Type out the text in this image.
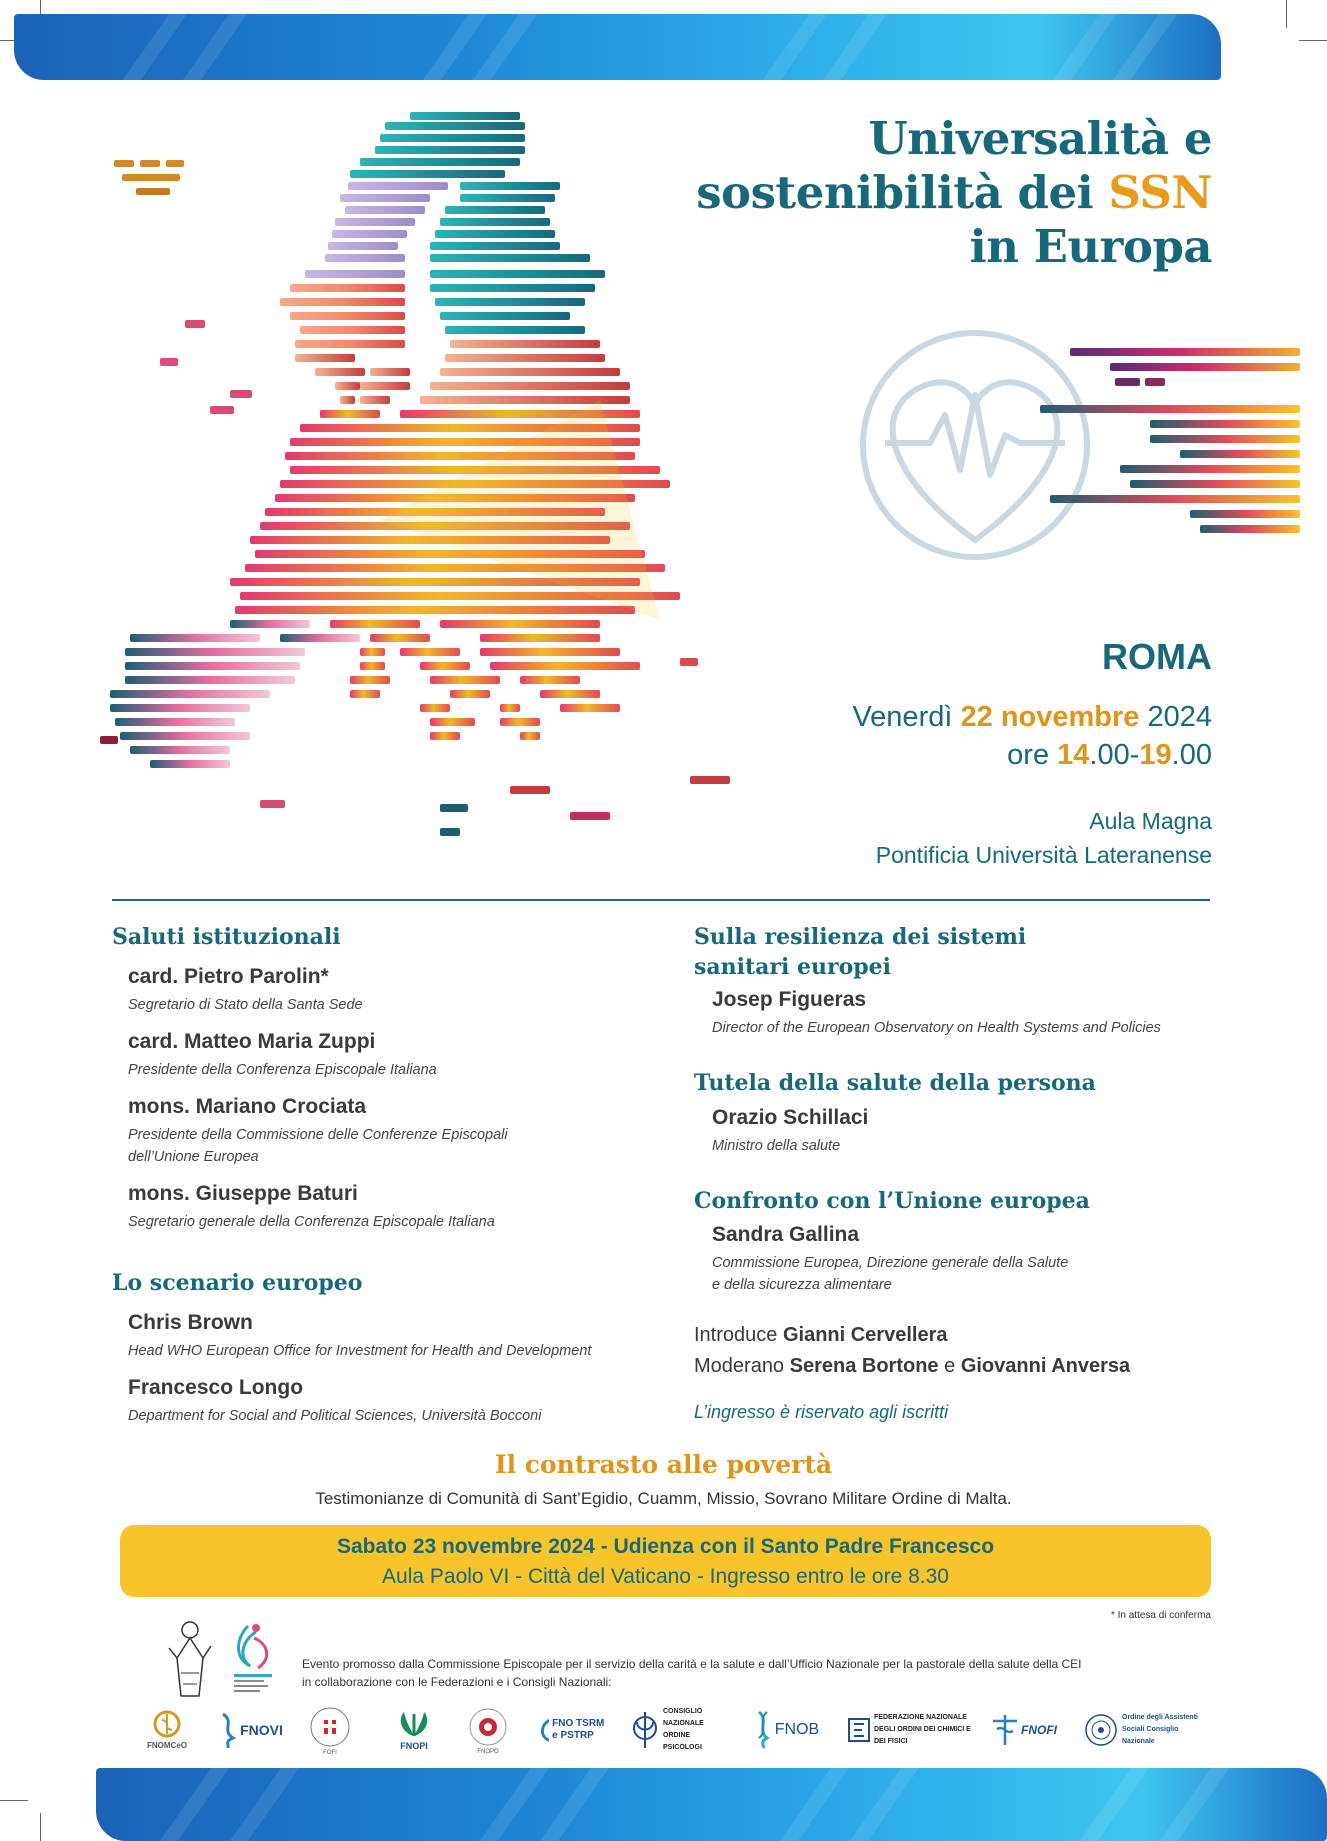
Universalità e
sostenibilità dei SSN
in Europa
ROMA
Venerdì 22 novembre 2024
ore 14.00-19.00
Aula Magna
Pontificia Università Lateranense
Saluti istituzionali
card. Pietro Parolin*
Segretario di Stato della Santa Sede
card. Matteo Maria Zuppi
Presidente della Conferenza Episcopale Italiana
mons. Mariano Crociata
Presidente della Commissione delle Conferenze Episcopali
dell’Unione Europea
mons. Giuseppe Baturi
Segretario generale della Conferenza Episcopale Italiana
Lo scenario europeo
Chris Brown
Head WHO European Office for Investment for Health and Development
Francesco Longo
Department for Social and Political Sciences, Università Bocconi
Sulla resilienza dei sistemi
sanitari europei
Josep Figueras
Director of the European Observatory on Health Systems and Policies
Tutela della salute della persona
Orazio Schillaci
Ministro della salute
Confronto con l’Unione europea
Sandra Gallina
Commissione Europea, Direzione generale della Salute
e della sicurezza alimentare
Introduce Gianni Cervellera
Moderano Serena Bortone e Giovanni Anversa
L’ingresso è riservato agli iscritti
Il contrasto alle povertà
Testimonianze di Comunità di Sant’Egidio, Cuamm, Missio, Sovrano Militare Ordine di Malta.
Sabato 23 novembre 2024 - Udienza con il Santo Padre Francesco
Aula Paolo VI - Città del Vaticano - Ingresso entro le ore 8.30
* In attesa di conferma
Evento promosso dalla Commissione Episcopale per il servizio della carità e la salute e dall’Ufficio Nazionale per la pastorale della salute della CEI
in collaborazione con le Federazioni e i Consigli Nazionali:
FNOMCeO
FNOVI
FOFI
FNOPI
FNOPO
FNO TSRM e PSTRP
CONSIGLIO NAZIONALE ORDINE PSICOLOGI
FNOB
FEDERAZIONE NAZIONALE DEGLI ORDINI DEI CHIMICI E DEI FISICI
FNOFI
Ordine degli Assistenti Sociali Consiglio Nazionale
